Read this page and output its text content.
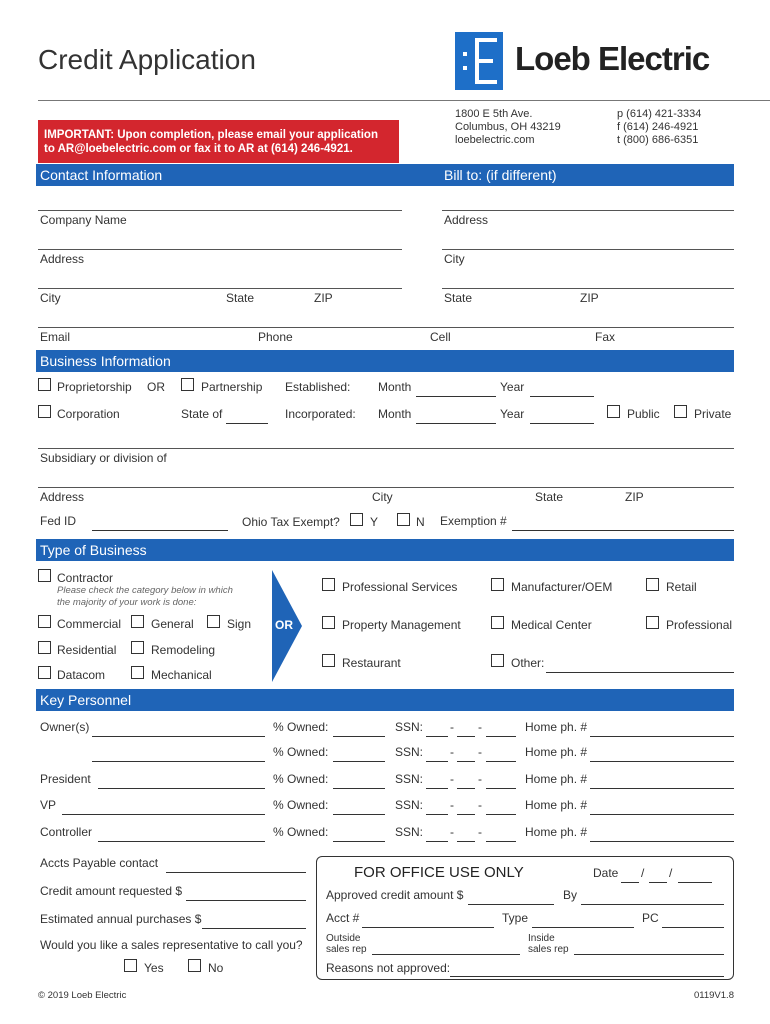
Credit Application	Loeb Electric
1800 E 5th Ave.
Columbus, OH 43219
loebelectric.com
p (614) 421-3334
f (614) 246-4921
t (800) 686-6351
IMPORTANT: Upon completion, please email your application
to AR@loebelectric.com or fax it to AR at (614) 246-4921.
Contact Information	Bill to: (if different)
Company Name	Address
Address	City
City	State	ZIP	State	ZIP
Email	Phone	Cell	Fax
Business Information
Proprietorship OR	Partnership Established: Month	Year
Corporation	State of	Incorporated: Month	Year	Public	Private
Subsidiary or division of
Address	City	State	ZIP
Fed ID	Ohio Tax Exempt?	Y	N Exemption #
Type of Business
Contractor
Please check the category below in which
the majority of your work is done:
Commercial General	Sign
Residential	Remodeling
Datacom	Mechanical
OR
Professional Services	Manufacturer/OEM	Retail
Property Management	Medical Center	Professional
Restaurant	Other:
Key Personnel
Owner(s)	% Owned:	SSN: - -	Home ph. #
% Owned:	SSN: - -	Home ph. #
President	% Owned:	SSN: - -	Home ph. #
VP	% Owned:	SSN: - -	Home ph. #
Controller	% Owned:	SSN: - -	Home ph. #
Accts Payable contact
Credit amount requested $
Estimated annual purchases $
Would you like a sales representative to call you?
Yes	No
FOR OFFICE USE ONLY	Date / /
Approved credit amount $	By
Acct #	Type	PC
Outside
sales rep
Inside
sales rep
Reasons not approved:
© 2019 Loeb Electric	0119V1.8
